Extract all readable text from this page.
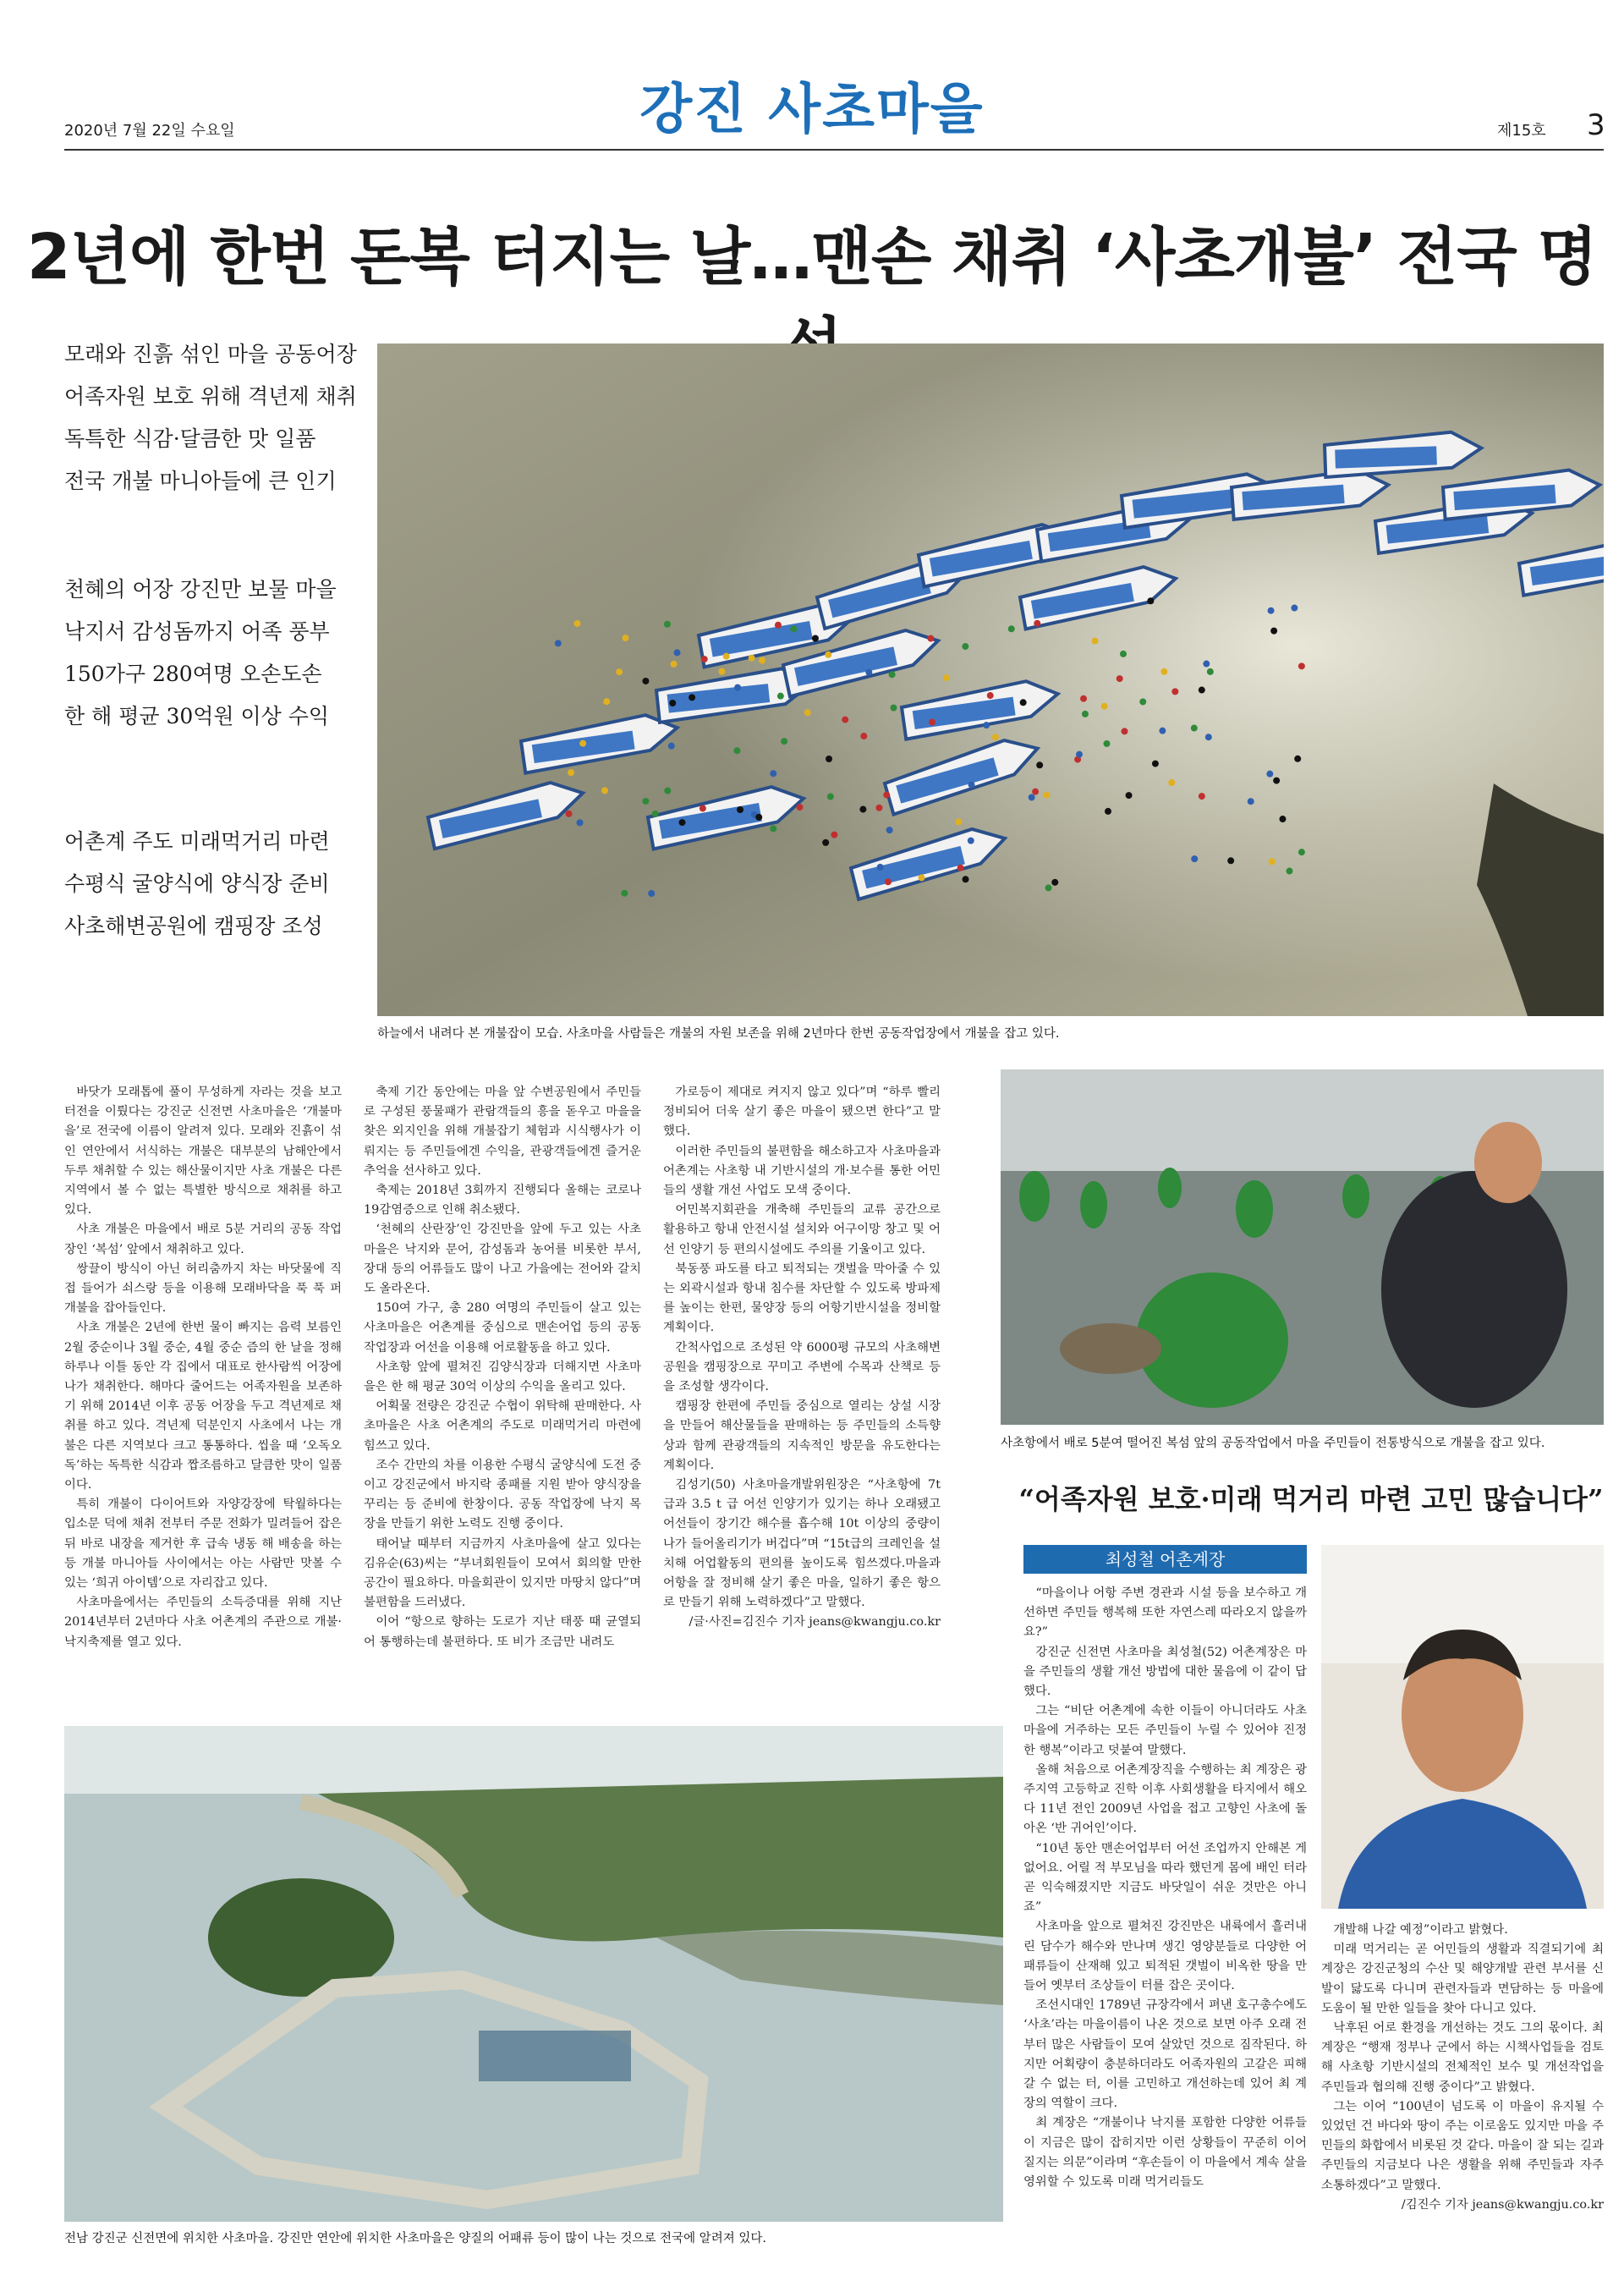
강진 사초마을
2020년 7월 22일 수요일	제15호 3
2년에 한번 돈복 터지는 날…맨손 채취 ‘사초개불’ 전국 명
모래와 진흙 섞인 마을 공동어장
어족자원 보호 위해 격년제 채취
독특한 식감·달큼한 맛 일품
전국 개불 마니아들에 큰 인기
천혜의 어장 강진만 보물 마을
낙지서 감성돔까지 어족 풍부
150가구 280여명 오손도손
한 해 평균 30억원 이상 수익
어촌계 주도 미래먹거리 마련
수평식 굴양식에 양식장 준비
사초해변공원에 캠핑장 조성
하늘에서 내려다 본 개불잡이 모습. 사초마을 사람들은 개불의 자원 보존을 위해 2년마다 한번 공동작업장에서 개불을 잡고 있다.

바닷가 모래톱에 풀이 무성하게 자라는 것을 보고 터전을 이뤘다는 강진군 신전면 사초마을은 ‘개불마을’로 전국에 이름이 알려져 있다. 모래와 진흙이 섞인 연안에서 서식하는 개불은 대부분의 남해안에서 두루 채취할 수 있는 해산물이지만 사초 개불은 다른 지역에서 볼 수 없는 특별한 방식으로 채취를 하고 있다.

사초 개불은 마을에서 배로 5분 거리의 공동 작업장인 ‘복섬’ 앞에서 채취하고 있다.

쌍끌이 방식이 아닌 허리춤까지 차는 바닷물에 직접 들어가 쇠스랑 등을 이용해 모래바닥을 푹 푹 퍼 개불을 잡아들인다.

사초 개불은 2년에 한번 물이 빠지는 음력 보름인 2월 중순이나 3월 중순, 4월 중순 즘의 한 날을 정해 하루나 이틀 동안 각 집에서 대표로 한사람씩 어장에 나가 채취한다. 해마다 줄어드는 어족자원을 보존하기 위해 2014년 이후 공동 어장을 두고 격년제로 채취를 하고 있다. 격년제 덕분인지 사초에서 나는 개불은 다른 지역보다 크고 통통하다. 씹을 때 ‘오독오독’하는 독특한 식감과 짭조름하고 달큼한 맛이 일품이다.

특히 개불이 다이어트와 자양강장에 탁월하다는 입소문 덕에 채취 전부터 주문 전화가 밀려들어 잡은 뒤 바로 내장을 제거한 후 급속 냉동 해 배송을 하는 등 개불 마니아들 사이에서는 아는 사람만 맛볼 수 있는 ‘희귀 아이템’으로 자리잡고 있다.

사초마을에서는 주민들의 소득증대를 위해 지난 2014년부터 2년마다 사초 어촌계의 주관으로 개불·낙지축제를 열고 있다.

축제 기간 동안에는 마을 앞 수변공원에서 주민들로 구성된 풍물패가 관람객들의 흥을 돋우고 마을을 찾은 외지인을 위해 개불잡기 체험과 시식행사가 이뤄지는 등 주민들에겐 수익을, 관광객들에겐 즐거운 추억을 선사하고 있다.

축제는 2018년 3회까지 진행되다 올해는 코로나19감염증으로 인해 취소됐다.

‘천혜의 산란장’인 강진만을 앞에 두고 있는 사초마을은 낙지와 문어, 감성돔과 농어를 비롯한 부서, 장대 등의 어류들도 많이 나고 가을에는 전어와 갈치도 올라온다.

150여 가구, 총 280 여명의 주민들이 살고 있는 사초마을은 어촌계를 중심으로 맨손어업 등의 공동작업장과 어선을 이용해 어로활동을 하고 있다.

사초항 앞에 펼쳐진 김양식장과 더해지면 사초마을은 한 해 평균 30억 이상의 수익을 올리고 있다.

어획물 전량은 강진군 수협이 위탁해 판매한다. 사초마을은 사초 어촌계의 주도로 미래먹거리 마련에 힘쓰고 있다.

조수 간만의 차를 이용한 수평식 굴양식에 도전 중이고 강진군에서 바지락 종패를 지원 받아 양식장을 꾸리는 등 준비에 한창이다. 공동 작업장에 낙지 목장을 만들기 위한 노력도 진행 중이다.

태어날 때부터 지금까지 사초마을에 살고 있다는 김유순(63)씨는 “부녀회원들이 모여서 회의할 만한 공간이 필요하다. 마을회관이 있지만 마땅치 않다”며 불편함을 드러냈다.

이어 “항으로 향하는 도로가 지난 태풍 때 균열되어 통행하는데 불편하다. 또 비가 조금만 내려도

가로등이 제대로 켜지지 않고 있다”며 “하루 빨리 정비되어 더욱 살기 좋은 마을이 됐으면 한다”고 말했다.

이러한 주민들의 불편함을 해소하고자 사초마을과 어촌계는 사초항 내 기반시설의 개·보수를 통한 어민들의 생활 개선 사업도 모색 중이다.

어민복지회관을 개축해 주민들의 교류 공간으로 활용하고 항내 안전시설 설치와 어구이망 창고 및 어선 인양기 등 편의시설에도 주의를 기울이고 있다.

북동풍 파도를 타고 퇴적되는 갯벌을 막아줄 수 있는 외곽시설과 항내 침수를 차단할 수 있도록 방파제를 높이는 한편, 물양장 등의 어항기반시설을 정비할 계획이다.

간척사업으로 조성된 약 6000평 규모의 사초해변공원을 캠핑장으로 꾸미고 주변에 수목과 산책로 등을 조성할 생각이다.

캠핑장 한편에 주민들 중심으로 열리는 상설 시장을 만들어 해산물들을 판매하는 등 주민들의 소득향상과 함께 관광객들의 지속적인 방문을 유도한다는 계획이다.

김성기(50) 사초마을개발위원장은 “사초항에 7t 급과 3.5 t 급 어선 인양기가 있기는 하나 오래됐고 어선들이 장기간 해수를 흡수해 10t 이상의 중량이 나가 들어올리기가 버겁다”며 “15t급의 크레인을 설치해 어업활동의 편의를 높이도록 힘쓰겠다.마을과 어항을 잘 정비해 살기 좋은 마을, 일하기 좋은 항으로 만들기 위해 노력하겠다”고 말했다.

/글·사진=김진수 기자 jeans@kwangju.co.kr

사초항에서 배로 5분여 떨어진 복섬 앞의 공동작업에서 마을 주민들이 전통방식으로 개불을 잡고 있다.
“어족자원 보호·미래 먹거리 마련 고민 많습니다”
최성철 어촌계장

“마을이나 어항 주변 경관과 시설 등을 보수하고 개선하면 주민들 행복해 또한 자연스레 따라오지 않을까요?”

강진군 신전면 사초마을 최성철(52) 어촌계장은 마을 주민들의 생활 개선 방법에 대한 물음에 이 같이 답했다.

그는 “비단 어촌계에 속한 이들이 아니더라도 사초마을에 거주하는 모든 주민들이 누릴 수 있어야 진정한 행복”이라고 덧붙여 말했다.

올해 처음으로 어촌계장직을 수행하는 최 계장은 광주지역 고등학교 진학 이후 사회생활을 타지에서 해오다 11년 전인 2009년 사업을 접고 고향인 사초에 돌아온 ‘반 귀어인’이다.

“10년 동안 맨손어업부터 어선 조업까지 안해본 게 없어요. 어릴 적 부모님을 따라 했던게 몸에 배인 터라 곧 익숙해졌지만 지금도 바닷일이 쉬운 것만은 아니죠”

사초마을 앞으로 펼쳐진 강진만은 내륙에서 흘러내린 담수가 해수와 만나며 생긴 영양분들로 다양한 어패류들이 산재해 있고 퇴적된 갯벌이 비옥한 땅을 만들어 옛부터 조상들이 터를 잡은 곳이다.

조선시대인 1789년 규장각에서 펴낸 호구총수에도 ‘사초’라는 마을이름이 나온 것으로 보면 아주 오래 전부터 많은 사람들이 모여 살았던 것으로 짐작된다. 하지만 어획량이 충분하더라도 어족자원의 고갈은 피해갈 수 없는 터, 이를 고민하고 개선하는데 있어 최 계장의 역할이 크다.

최 계장은 “개불이나 낙지를 포함한 다양한 어류들이 지금은 많이 잡히지만 이런 상황들이 꾸준히 이어질지는 의문”이라며 “후손들이 이 마을에서 계속 살을 영위할 수 있도록 미래 먹거리들도

개발해 나갈 예정”이라고 밝혔다.

미래 먹거리는 곧 어민들의 생활과 직결되기에 최 계장은 강진군청의 수산 및 해양개발 관련 부서를 신발이 닳도록 다니며 관련자들과 면담하는 등 마을에 도움이 될 만한 일들을 찾아 다니고 있다.

낙후된 어로 환경을 개선하는 것도 그의 몫이다. 최 계장은 “행재 정부나 군에서 하는 시책사업들을 검토해 사초항 기반시설의 전체적인 보수 및 개선작업을 주민들과 협의해 진행 중이다”고 밝혔다.

그는 이어 “100년이 넘도록 이 마을이 유지될 수 있었던 건 바다와 땅이 주는 이로움도 있지만 마을 주민들의 화합에서 비롯된 것 같다. 마을이 잘 되는 길과 주민들의 지금보다 나은 생활을 위해 주민들과 자주 소통하겠다”고 말했다.

/김진수 기자 jeans@kwangju.co.kr

전남 강진군 신전면에 위치한 사초마을. 강진만 연안에 위치한 사초마을은 양질의 어패류 등이 많이 나는 것으로 전국에 알려져 있다.
